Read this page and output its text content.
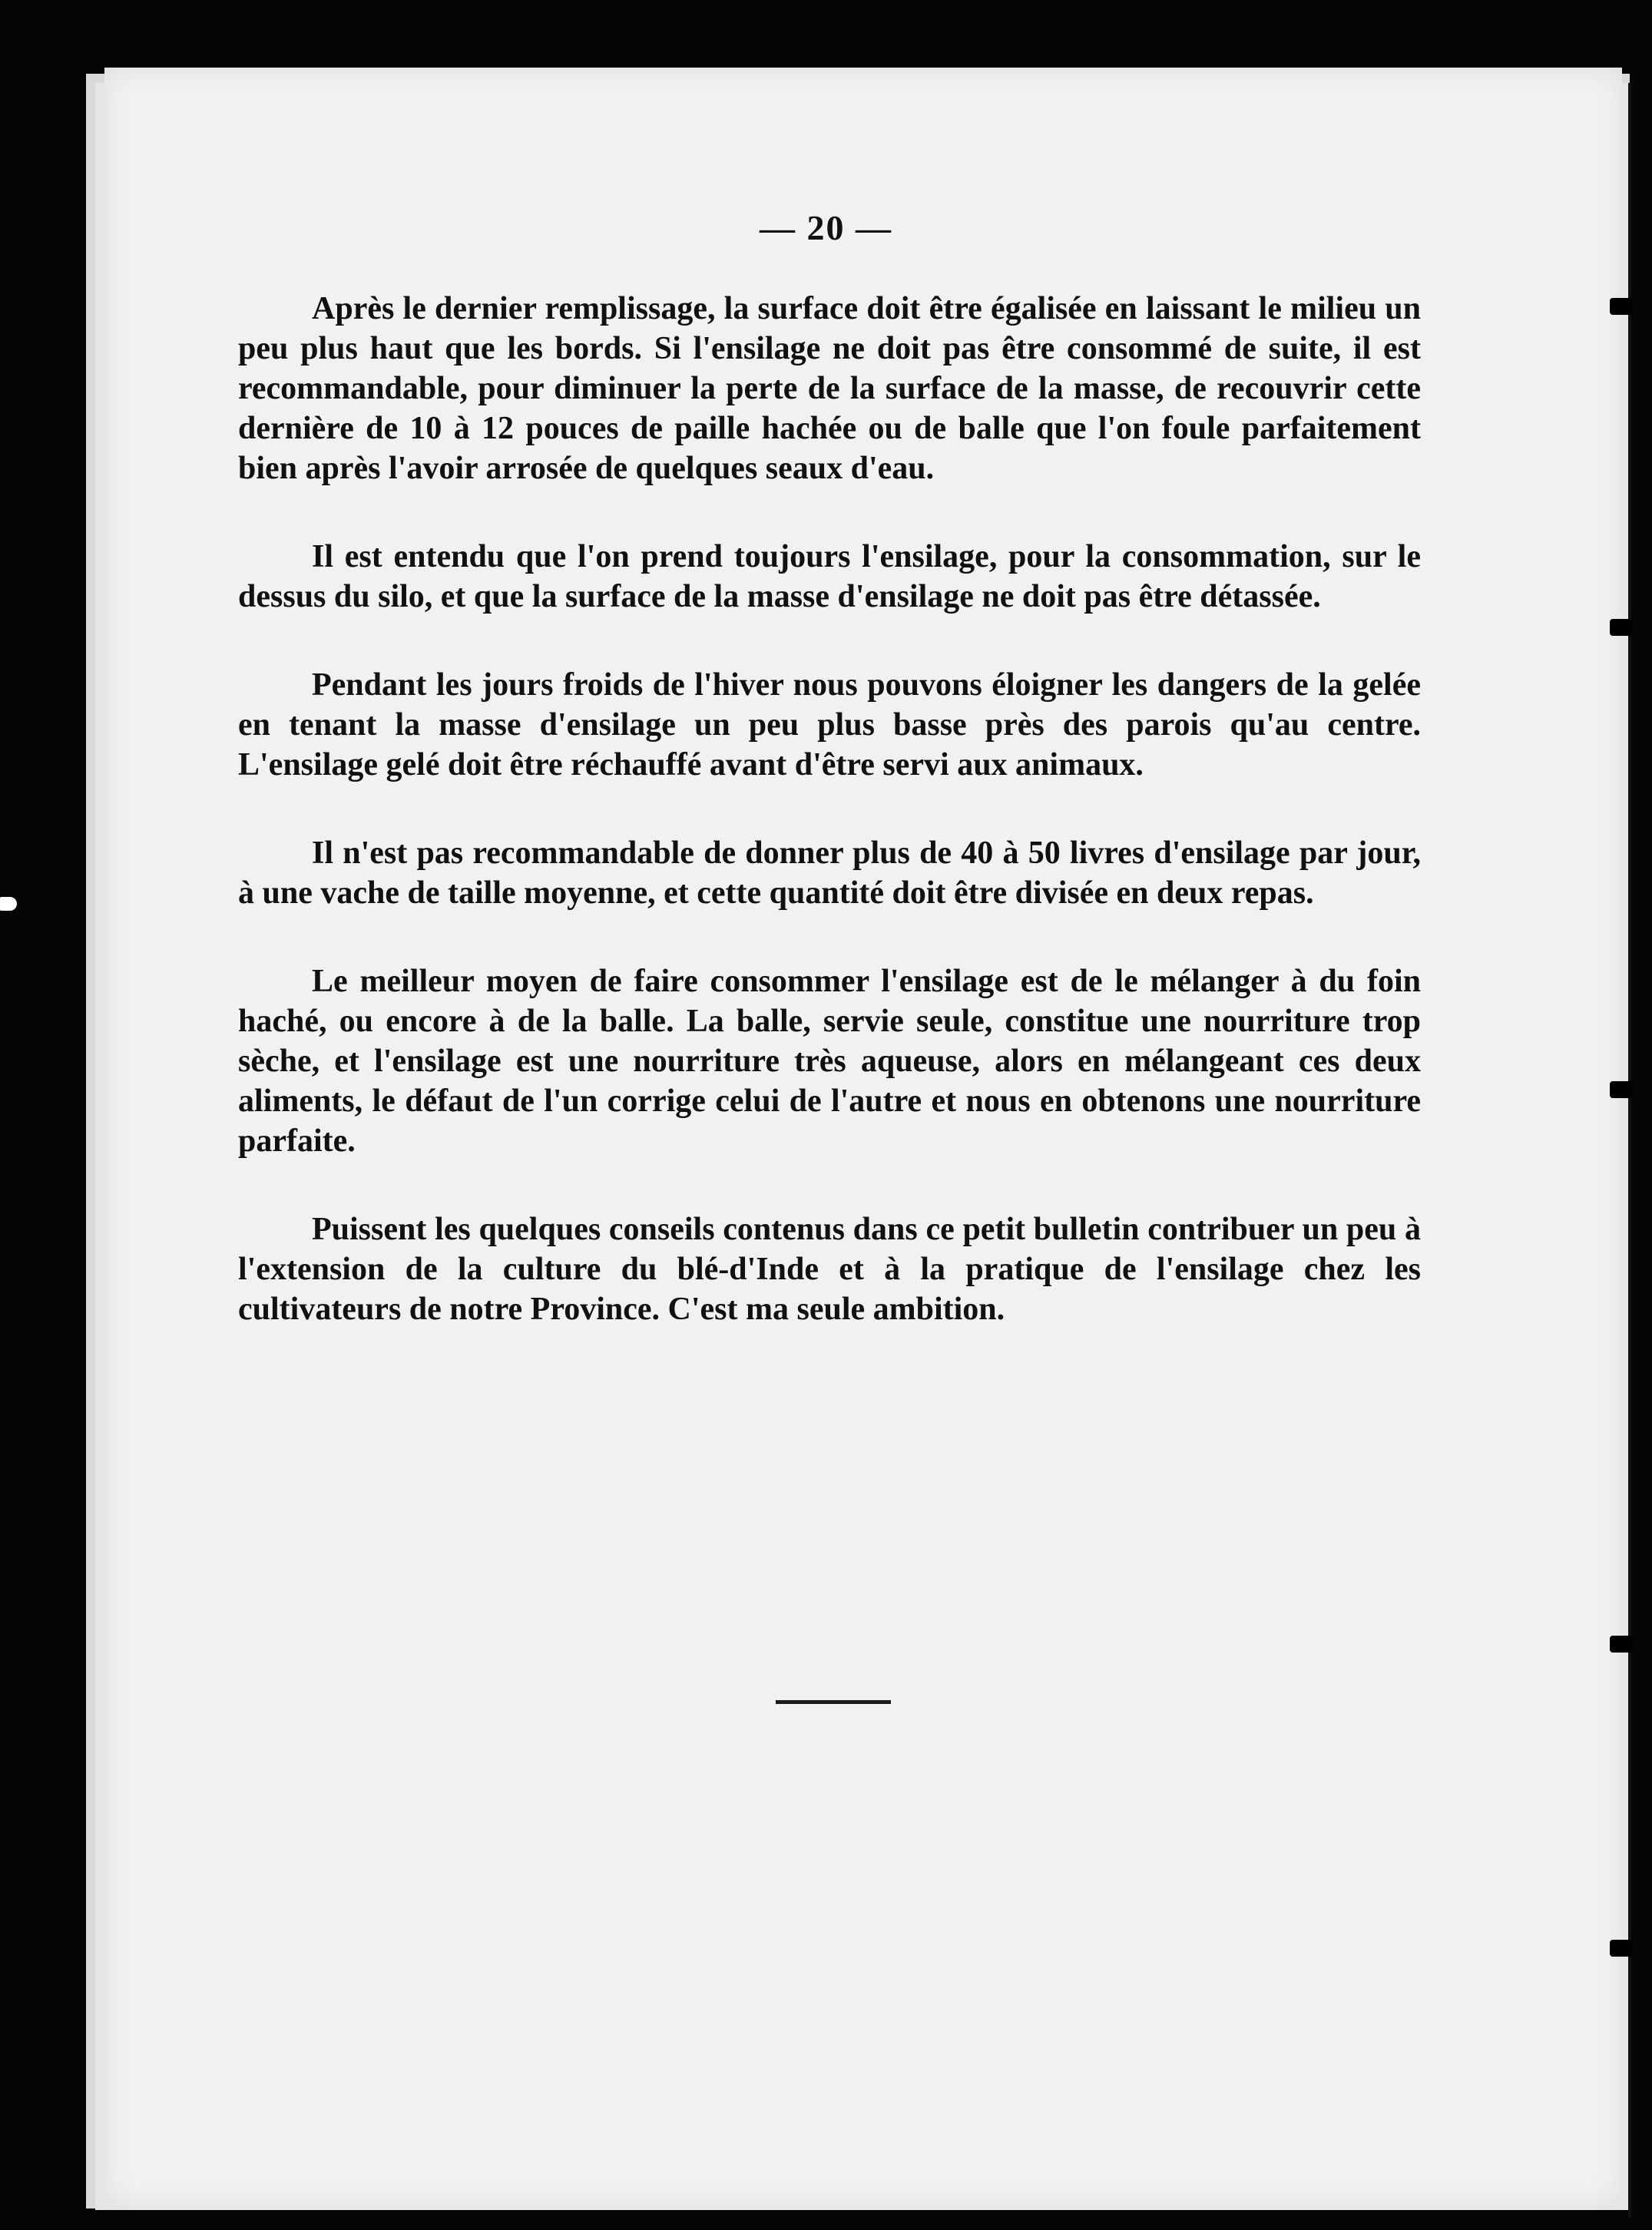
— 20 —

Après le dernier remplissage, la surface doit être égalisée en laissant le milieu un peu plus haut que les bords. Si l'ensilage ne doit pas être consommé de suite, il est recommandable, pour diminuer la perte de la surface de la masse, de recouvrir cette dernière de 10 à 12 pouces de paille hachée ou de balle que l'on foule parfaitement bien après l'avoir arrosée de quelques seaux d'eau.

Il est entendu que l'on prend toujours l'ensilage, pour la consommation, sur le dessus du silo, et que la surface de la masse d'ensilage ne doit pas être détassée.

Pendant les jours froids de l'hiver nous pouvons éloigner les dangers de la gelée en tenant la masse d'ensilage un peu plus basse près des parois qu'au centre. L'ensilage gelé doit être réchauffé avant d'être servi aux animaux.

Il n'est pas recommandable de donner plus de 40 à 50 livres d'ensilage par jour, à une vache de taille moyenne, et cette quantité doit être divisée en deux repas.

Le meilleur moyen de faire consommer l'ensilage est de le mélanger à du foin haché, ou encore à de la balle. La balle, servie seule, constitue une nourriture trop sèche, et l'ensilage est une nourriture très aqueuse, alors en mélangeant ces deux aliments, le défaut de l'un corrige celui de l'autre et nous en obtenons une nourriture parfaite.

Puissent les quelques conseils contenus dans ce petit bulletin contribuer un peu à l'extension de la culture du blé-d'Inde et à la pratique de l'ensilage chez les cultivateurs de notre Province. C'est ma seule ambition.
